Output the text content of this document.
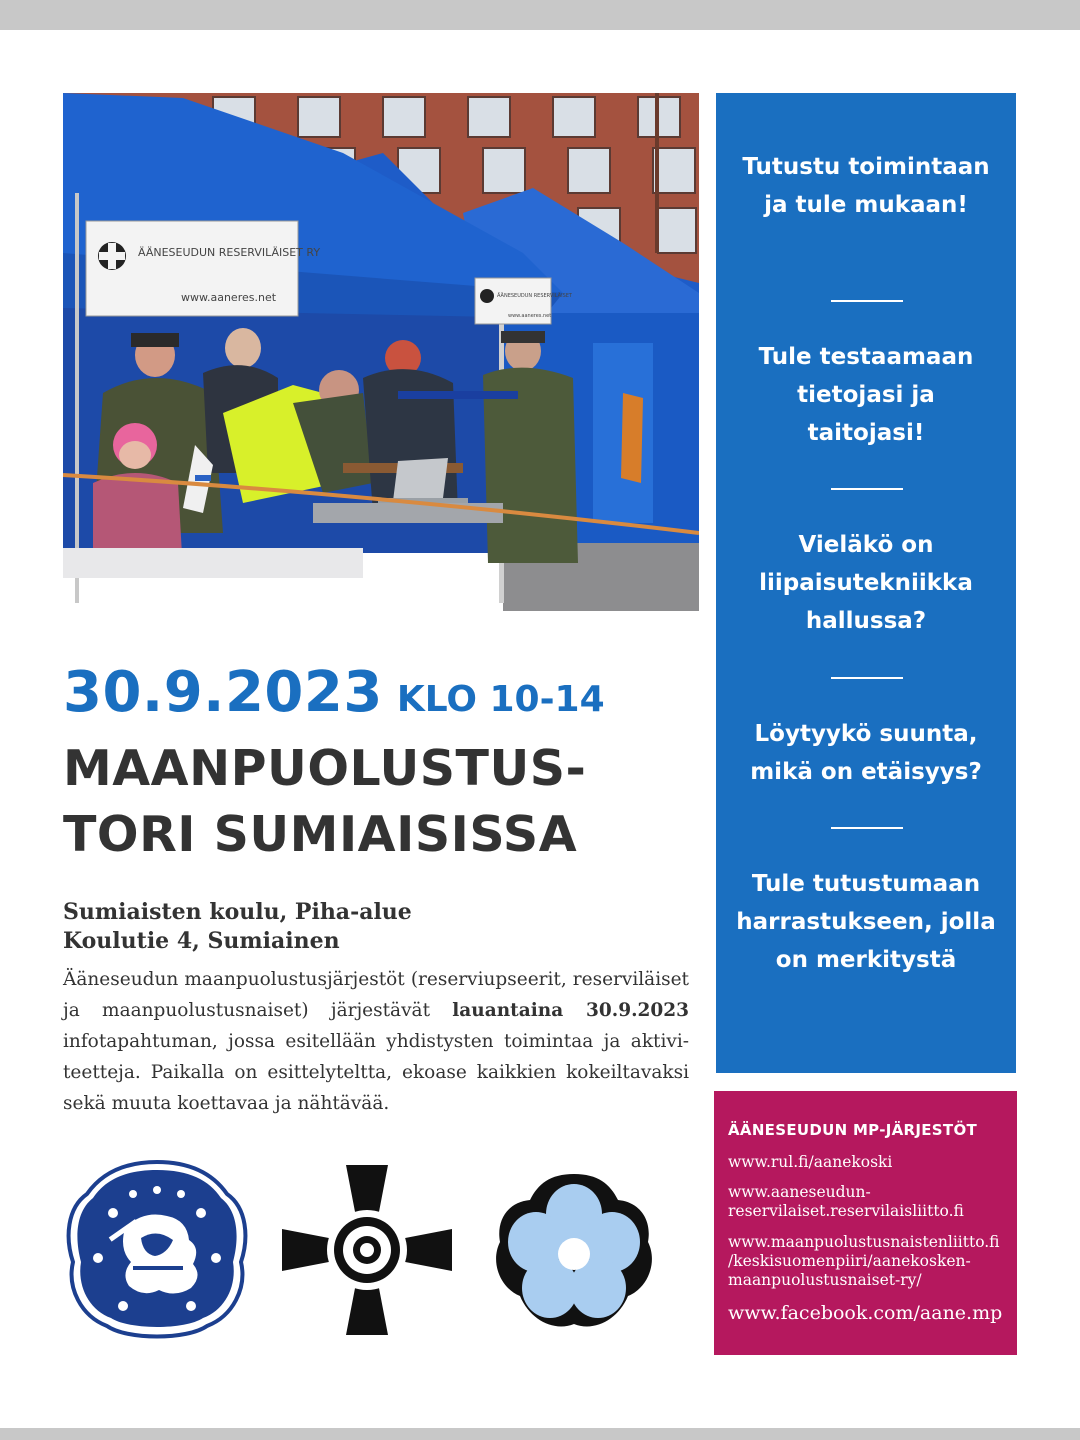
ÄÄNESEUDUN RESERVILÄISET RY
www.aaneres.net	ÄÄNESEUDUN RESERVILÄISET
www.aaneres.net
Tutustu toimintaan ja tule mukaan!
Tule testaamaan tietojasi ja taitojasi!
Vieläkö on liipaisutekniikka hallussa?
Löytyykö suunta, mikä on etäisyys?
Tule tutustumaan harrastukseen, jolla on merkitystä
30.9.2023 KLO 10-14
MAANPUOLUSTUS-
TORI SUMIAISISSA
Sumiaisten koulu, Piha-alue
Koulutie 4, Sumiainen
Ääneseudun maanpuolustusjärjestöt (reserviupseerit, reserviläiset
ja maanpuolustusnaiset) järjestävät lauantaina 30.9.2023
infotapahtuman, jossa esitellään yhdistysten toimintaa ja aktivi-
teetteja. Paikalla on esittelyteltta, ekoase kaikkien kokeiltavaksi
sekä muuta koettavaa ja nähtävää.
ÄÄNESEUDUN MP-JÄRJESTÖT
www.rul.fi/aanekoski
www.aaneseudun-
reservilaiset.reservilaisliitto.fi
www.maanpuolustusnaistenliitto.fi
/keskisuomenpiiri/aanekosken-
maanpuolustusnaiset-ry/
www.facebook.com/aane.mp
